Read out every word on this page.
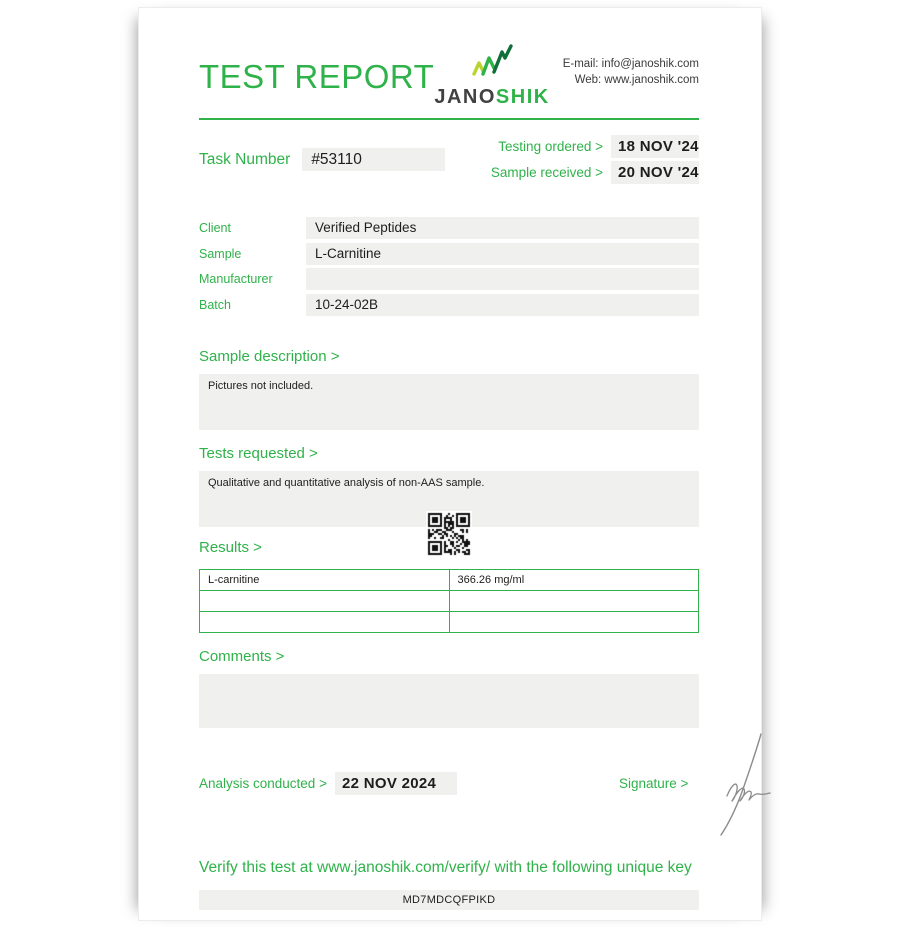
TEST REPORT
JANOSHIK
E-mail: info@janoshik.com
Web: www.janoshik.com
Task Number	#53110
Testing ordered >	18 NOV '24
Sample received >	20 NOV '24
Client	Verified Peptides
Sample	L-Carnitine
Manufacturer
Batch	10-24-02B
Sample description >
Pictures not included.
Tests requested >
Qualitative and quantitative analysis of non-AAS sample.
Results >
L-carnitine	366.26 mg/ml

Comments >
Analysis conducted >	22 NOV 2024	Signature >
Verify this test at www.janoshik.com/verify/ with the following unique key
MD7MDCQFPIKD
